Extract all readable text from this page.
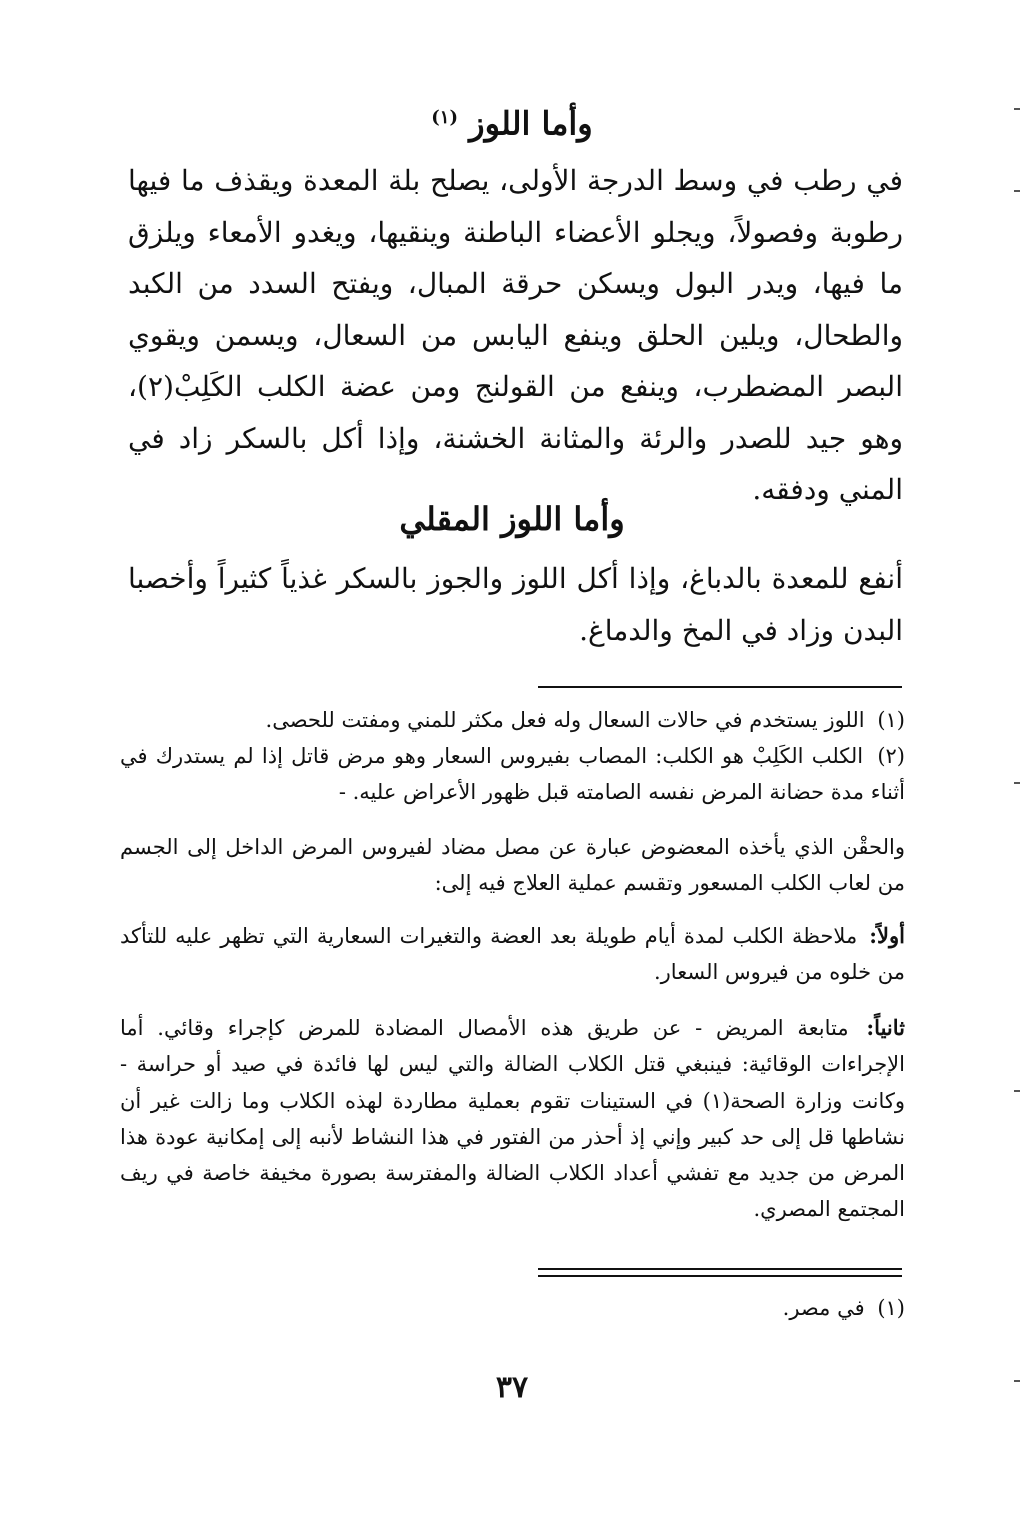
وأما اللوز $^{(١)}$
في رطب في وسط الدرجة الأولى، يصلح بلة المعدة ويقذف ما فيها رطوبة وفصولاً، ويجلو الأعضاء الباطنة وينقيها، ويغدو الأمعاء ويلزق ما فيها، ويدر البول ويسكن حرقة المبال، ويفتح السدد من الكبد والطحال، ويلين الحلق وينفع اليابس من السعال، ويسمن ويقوي البصر المضطرب، وينفع من القولنج ومن عضة الكلب الكَلِبْ(٢)، وهو جيد للصدر والرئة والمثانة الخشنة، وإذا أكل بالسكر زاد في المني ودفقه.
وأما اللوز المقلي
أنفع للمعدة بالدباغ، وإذا أكل اللوز والجوز بالسكر غذياً كثيراً وأخصبا البدن وزاد في المخ والدماغ.
(١) اللوز يستخدم في حالات السعال وله فعل مكثر للمني ومفتت للحصى.
(٢) الكلب الكَلِبْ هو الكلب: المصاب بفيروس السعار وهو مرض قاتل إذا لم يستدرك في أثناء مدة حضانة المرض نفسه الصامته قبل ظهور الأعراض عليه. -
والحقْن الذي يأخذه المعضوض عبارة عن مصل مضاد لفيروس المرض الداخل إلى الجسم من لعاب الكلب المسعور وتقسم عملية العلاج فيه إلى:
أولاً: ملاحظة الكلب لمدة أيام طويلة بعد العضة والتغيرات السعارية التي تظهر عليه للتأكد من خلوه من فيروس السعار.
ثانياً: متابعة المريض - عن طريق هذه الأمصال المضادة للمرض كإجراء وقائي. أما الإجراءات الوقائية: فينبغي قتل الكلاب الضالة والتي ليس لها فائدة في صيد أو حراسة - وكانت وزارة الصحة(١) في الستينات تقوم بعملية مطاردة لهذه الكلاب وما زالت غير أن نشاطها قل إلى حد كبير وإني إذ أحذر من الفتور في هذا النشاط لأنبه إلى إمكانية عودة هذا المرض من جديد مع تفشي أعداد الكلاب الضالة والمفترسة بصورة مخيفة خاصة في ريف المجتمع المصري.
(١) في مصر.
٣٧
